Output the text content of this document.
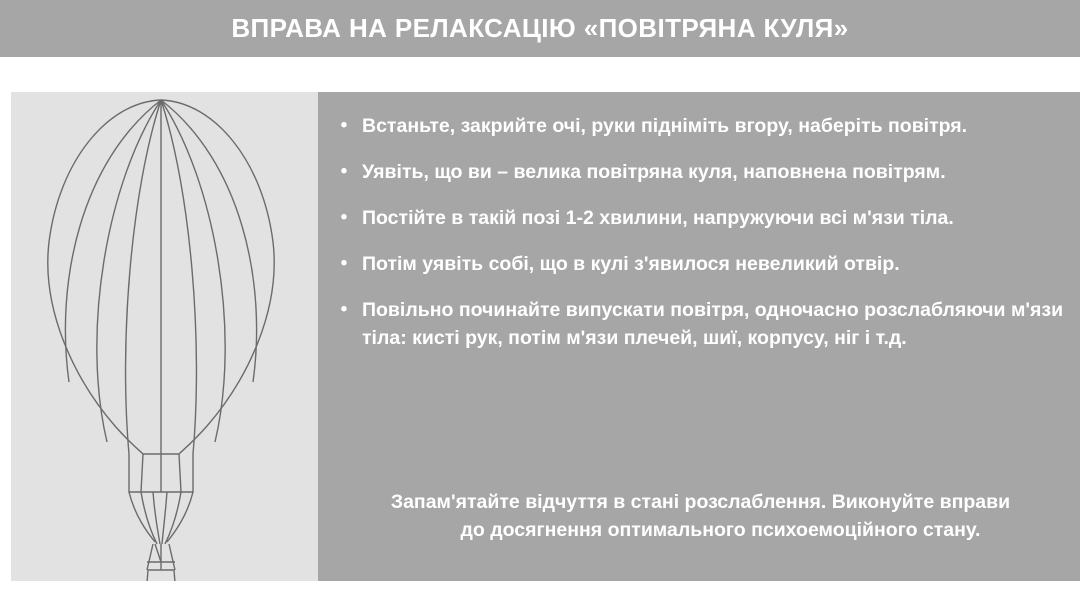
ВПРАВА НА РЕЛАКСАЦІЮ «ПОВІТРЯНА КУЛЯ»
• Встаньте, закрийте очі, руки підніміть вгору, наберіть повітря.
• Уявіть, що ви – велика повітряна куля, наповнена повітрям.
• Постійте в такій позі 1-2 хвилини, напружуючи всі м'язи тіла.
• Потім уявіть собі, що в кулі з'явилося невеликий отвір.
• Повільно починайте випускати повітря, одночасно розслабляючи м'язи тіла: кисті рук, потім м'язи плечей, шиї, корпусу, ніг і т.д.
Запам'ятайте відчуття в стані розслаблення. Виконуйте вправи
до досягнення оптимального психоемоційного стану.
